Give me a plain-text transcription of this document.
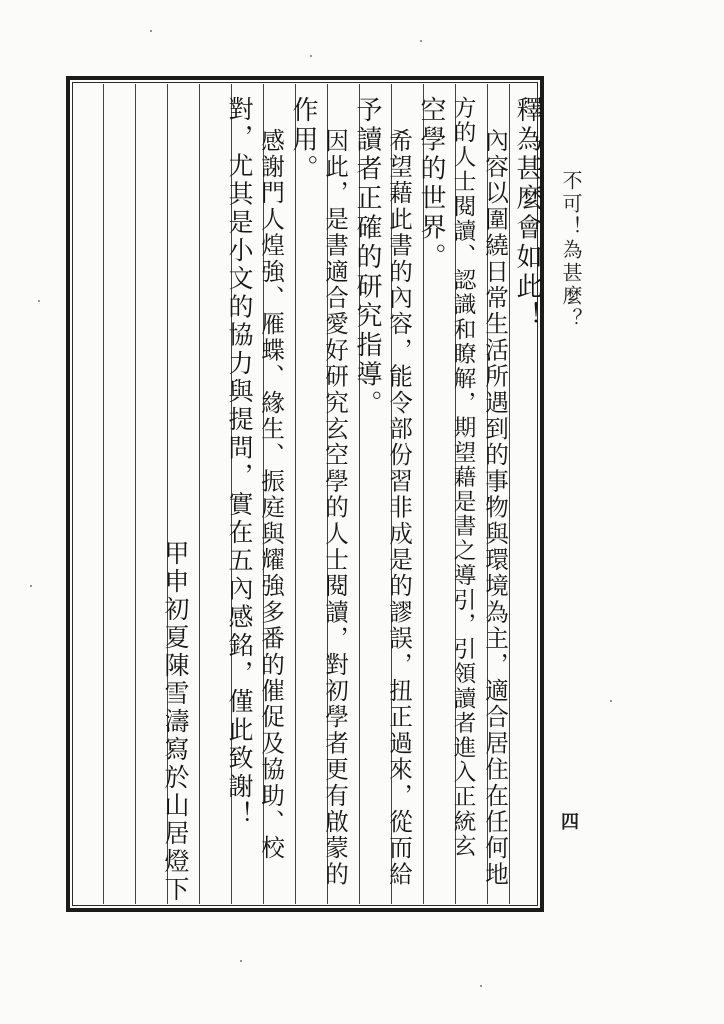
不可！為甚麼？
四
釋為甚麼會如此！
內容以圍繞日常生活所遇到的事物與環境為主，適合居住在任何地
方的人士閱讀、認識和瞭解，期望藉是書之導引，引領讀者進入正統玄
空學的世界。
希望藉此書的內容，能令部份習非成是的謬誤，扭正過來，從而給
予讀者正確的研究指導。
因此，是書適合愛好研究玄空學的人士閱讀，對初學者更有啟蒙的
作用。
感謝門人煌強、雁蝶、緣生、振庭與耀強多番的催促及協助、校
對，尤其是小文的協力與提問，實在五內感銘，僅此致謝！
甲申初夏陳雪濤寫於山居燈下
